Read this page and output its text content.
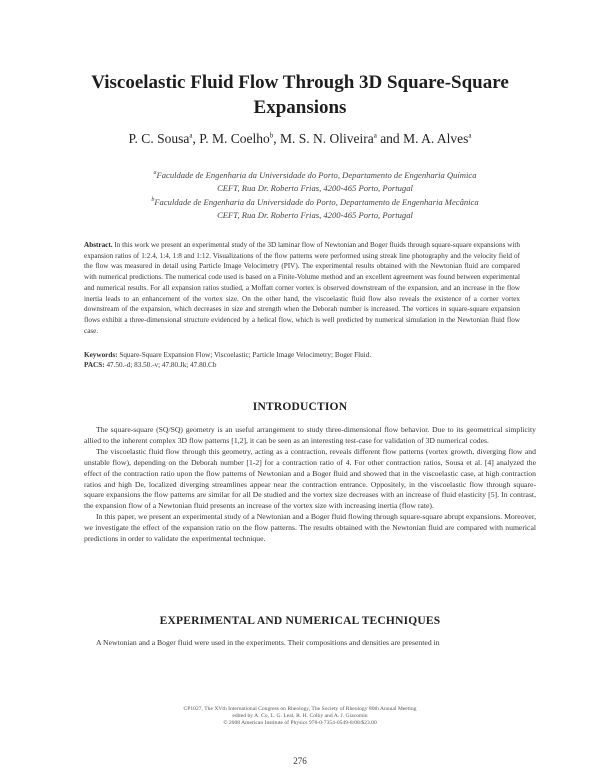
Viscoelastic Fluid Flow Through 3D Square-Square Expansions
P. C. Sousa$^a$, P. M. Coelho$^b$, M. S. N. Oliveira$^a$ and M. A. Alves$^a$
$^a$Faculdade de Engenharia da Universidade do Porto, Departamento de Engenharia Química
CEFT, Rua Dr. Roberto Frias, 4200-465 Porto, Portugal
$^b$Faculdade de Engenharia da Universidade do Porto, Departamento de Engenharia Mecânica
CEFT, Rua Dr. Roberto Frias, 4200-465 Porto, Portugal
Abstract. In this work we present an experimental study of the 3D laminar flow of Newtonian and Boger fluids through square-square expansions with expansion ratios of 1:2.4, 1:4, 1:8 and 1:12. Visualizations of the flow patterns were performed using streak line photography and the velocity field of the flow was measured in detail using Particle Image Velocimetry (PIV). The experimental results obtained with the Newtonian fluid are compared with numerical predictions. The numerical code used is based on a Finite-Volume method and an excellent agreement was found between experimental and numerical results. For all expansion ratios studied, a Moffatt corner vortex is observed downstream of the expansion, and an increase in the flow inertia leads to an enhancement of the vortex size. On the other hand, the viscoelastic fluid flow also reveals the existence of a corner vortex downstream of the expansion, which decreases in size and strength when the Deborah number is increased. The vortices in square-square expansion flows exhibit a three-dimensional structure evidenced by a helical flow, which is well predicted by numerical simulation in the Newtonian fluid flow case.
Keywords: Square-Square Expansion Flow; Viscoelastic; Particle Image Velocimetry; Boger Fluid.
PACS: 47.50.-d; 83.50.-v; 47.80.Jk; 47.80.Cb
INTRODUCTION

The square-square (SQ/SQ) geometry is an useful arrangement to study three-dimensional flow behavior. Due to its geometrical simplicity allied to the inherent complex 3D flow patterns [1,2], it can be seen as an interesting test-case for validation of 3D numerical codes.

The viscoelastic fluid flow through this geometry, acting as a contraction, reveals different flow patterns (vortex growth, diverging flow and unstable flow), depending on the Deborah number [1-2] for a contraction ratio of 4. For other contraction ratios, Sousa et al. [4] analyzed the effect of the contraction ratio upon the flow patterns of Newtonian and a Boger fluid and showed that in the viscoelastic case, at high contraction ratios and high De, localized diverging streamlines appear near the contraction entrance. Oppositely, in the viscoelastic flow through square-square expansions the flow patterns are similar for all De studied and the vortex size decreases with an increase of fluid elasticity [5]. In contrast, the expansion flow of a Newtonian fluid presents an increase of the vortex size with increasing inertia (flow rate).

In this paper, we present an experimental study of a Newtonian and a Boger fluid flowing through square-square abrupt expansions. Moreover, we investigate the effect of the expansion ratio on the flow patterns. The results obtained with the Newtonian fluid are compared with numerical predictions in order to validate the experimental technique.

EXPERIMENTAL AND NUMERICAL TECHNIQUES

A Newtonian and a Boger fluid were used in the experiments. Their compositions and densities are presented in

CP1027, The XVth International Congress on Rheology, The Society of Rheology 80th Annual Meeting
edited by A. Co, L. G. Leal, R. H. Colby and A. J. Giacomin
© 2008 American Institute of Physics 978-0-7354-0549-8/08/$23.00
276
